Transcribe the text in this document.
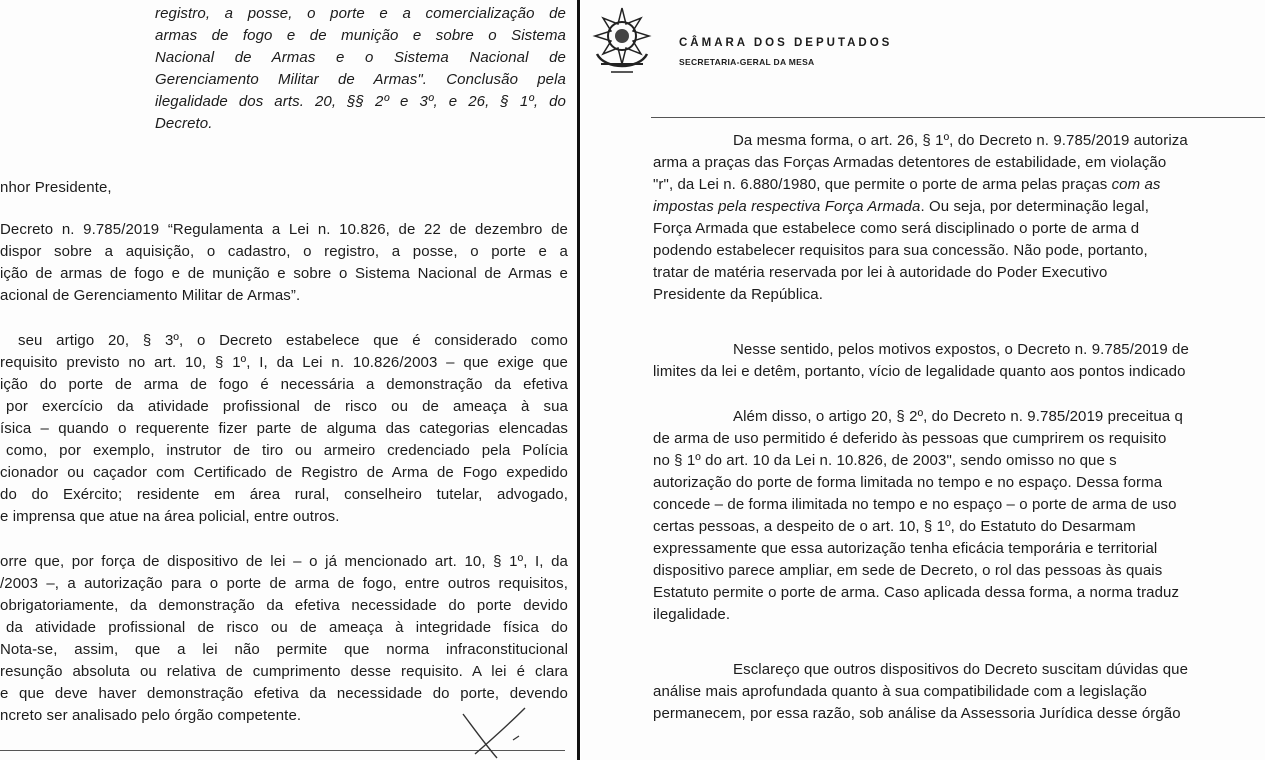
registro, a posse, o porte e a comercialização de
armas de fogo e de munição e sobre o Sistema
Nacional de Armas e o Sistema Nacional de
Gerenciamento Militar de Armas". Conclusão pela
ilegalidade dos arts. 20, §§ 2º e 3º, e 26, § 1º, do
Decreto.
nhor Presidente,
Decreto n. 9.785/2019 “Regulamenta a Lei n. 10.826, de 22 de dezembro de
dispor sobre a aquisição, o cadastro, o registro, a posse, o porte e a
ição de armas de fogo e de munição e sobre o Sistema Nacional de Armas e
acional de Gerenciamento Militar de Armas”.
seu artigo 20, § 3º, o Decreto estabelece que é considerado como
requisito previsto no art. 10, § 1º, I, da Lei n. 10.826/2003 – que exige que
ição do porte de arma de fogo é necessária a demonstração da efetiva
por exercício da atividade profissional de risco ou de ameaça à sua
ísica – quando o requerente fizer parte de alguma das categorias elencadas
como, por exemplo, instrutor de tiro ou armeiro credenciado pela Polícia
cionador ou caçador com Certificado de Registro de Arma de Fogo expedido
do do Exército; residente em área rural, conselheiro tutelar, advogado,
e imprensa que atue na área policial, entre outros.
orre que, por força de dispositivo de lei – o já mencionado art. 10, § 1º, I, da
/2003 –, a autorização para o porte de arma de fogo, entre outros requisitos,
obrigatoriamente, da demonstração da efetiva necessidade do porte devido
da atividade profissional de risco ou de ameaça à integridade física do
Nota-se, assim, que a lei não permite que norma infraconstitucional
resunção absoluta ou relativa de cumprimento desse requisito. A lei é clara
e que deve haver demonstração efetiva da necessidade do porte, devendo
ncreto ser analisado pelo órgão competente.
CÂMARA DOS DEPUTADOS
SECRETARIA-GERAL DA MESA
Da mesma forma, o art. 26, § 1º, do Decreto n. 9.785/2019 autoriza
arma a praças das Forças Armadas detentores de estabilidade, em violação
"r", da Lei n. 6.880/1980, que permite o porte de arma pelas praças com as
impostas pela respectiva Força Armada. Ou seja, por determinação legal,
Força Armada que estabelece como será disciplinado o porte de arma d
podendo estabelecer requisitos para sua concessão. Não pode, portanto,
tratar de matéria reservada por lei à autoridade do Poder Executivo
Presidente da República.
Nesse sentido, pelos motivos expostos, o Decreto n. 9.785/2019 de
limites da lei e detêm, portanto, vício de legalidade quanto aos pontos indicado
Além disso, o artigo 20, § 2º, do Decreto n. 9.785/2019 preceitua q
de arma de uso permitido é deferido às pessoas que cumprirem os requisito
no § 1º do art. 10 da Lei n. 10.826, de 2003", sendo omisso no que s
autorização do porte de forma limitada no tempo e no espaço. Dessa forma
concede – de forma ilimitada no tempo e no espaço – o porte de arma de uso
certas pessoas, a despeito de o art. 10, § 1º, do Estatuto do Desarmam
expressamente que essa autorização tenha eficácia temporária e territorial
dispositivo parece ampliar, em sede de Decreto, o rol das pessoas às quais
Estatuto permite o porte de arma. Caso aplicada dessa forma, a norma traduz
ilegalidade.
Esclareço que outros dispositivos do Decreto suscitam dúvidas que
análise mais aprofundada quanto à sua compatibilidade com a legislação
permanecem, por essa razão, sob análise da Assessoria Jurídica desse órgão
